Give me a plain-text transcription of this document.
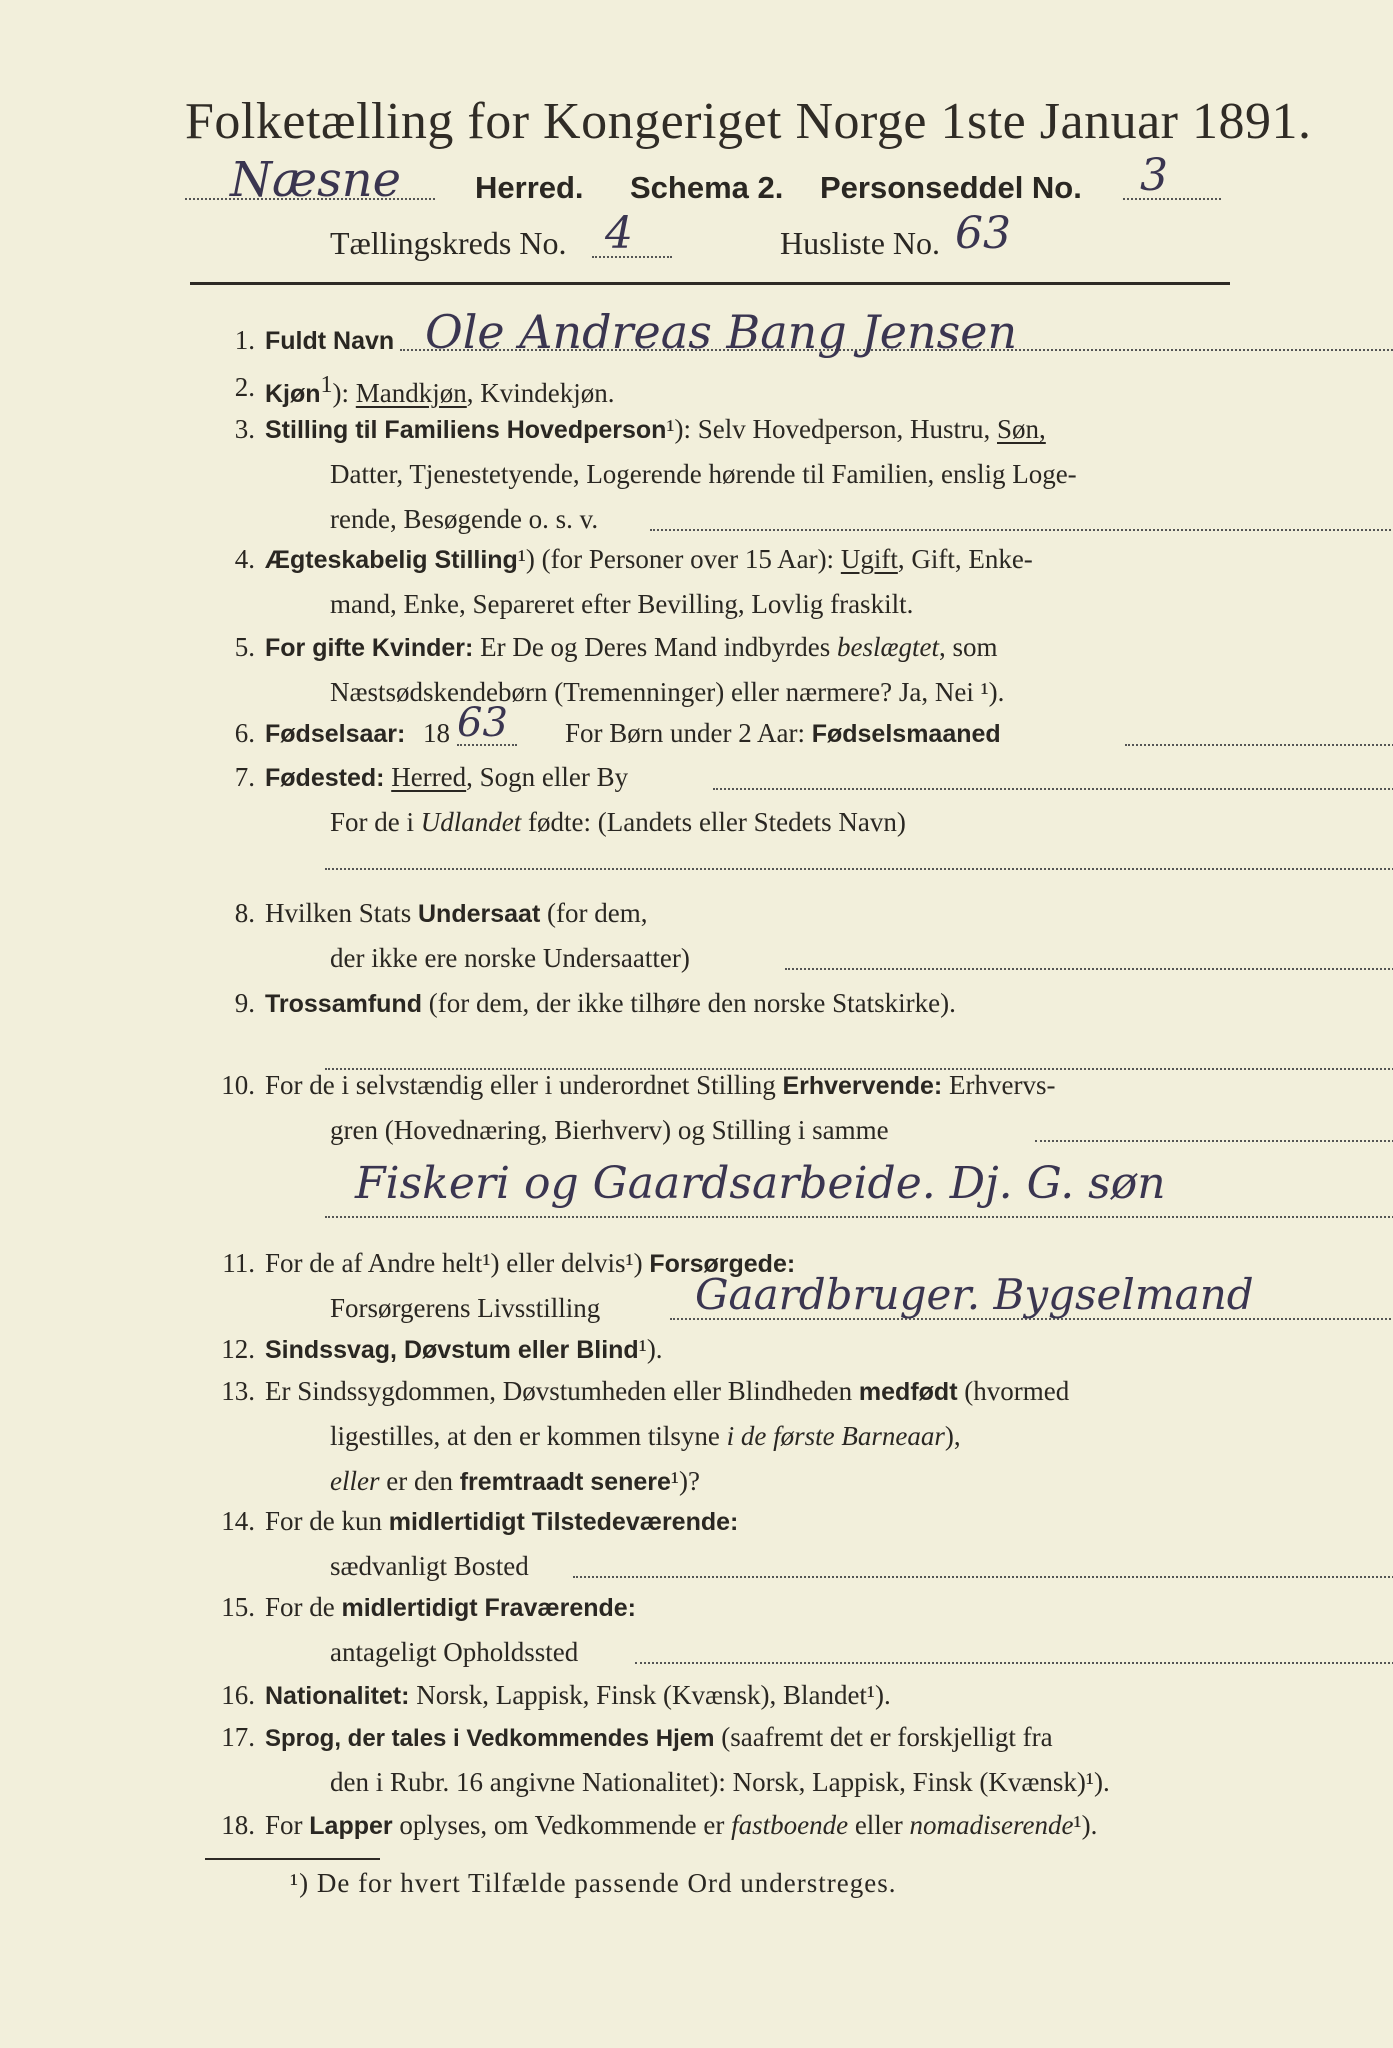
Folketælling for Kongeriget Norge 1ste Januar 1891.
Næsne Herred. Schema 2. Personseddel No. 3
Tællingskreds No. 4	Husliste No. 63
1. Fuldt Navn Ole Andreas Bang Jensen
2. Kjøn$^1$): Mandkjøn, Kvindekjøn.
3. Stilling til Familiens Hovedperson¹): Selv Hovedperson, Hustru, Søn,
Datter, Tjenestetyende, Logerende hørende til Familien, enslig Loge-
rende, Besøgende o. s. v.
4. Ægteskabelig Stilling¹) (for Personer over 15 Aar): Ugift, Gift, Enke-
mand, Enke, Separeret efter Bevilling, Lovlig fraskilt.
5. For gifte Kvinder: Er De og Deres Mand indbyrdes beslægtet, som
Næstsødskendebørn (Tremenninger) eller nærmere? Ja, Nei ¹).
6. Fødselsaar: 18 63 For Børn under 2 Aar: Fødselsmaaned
7. Fødested: Herred, Sogn eller By
For de i Udlandet fødte: (Landets eller Stedets Navn)
8. Hvilken Stats Undersaat (for dem,
der ikke ere norske Undersaatter)
9. Trossamfund (for dem, der ikke tilhøre den norske Statskirke).
10. For de i selvstændig eller i underordnet Stilling Erhvervende: Erhvervs-
gren (Hovednæring, Bierhverv) og Stilling i samme
Fiskeri og Gaardsarbeide. Dj. G. søn
11. For de af Andre helt¹) eller delvis¹) Forsørgede:
Forsørgerens Livsstilling Gaardbruger. Bygselmand
12. Sindssvag, Døvstum eller Blind¹).
13. Er Sindssygdommen, Døvstumheden eller Blindheden medfødt (hvormed
ligestilles, at den er kommen tilsyne i de første Barneaar),
eller er den fremtraadt senere¹)?
14. For de kun midlertidigt Tilstedeværende:
sædvanligt Bosted
15. For de midlertidigt Fraværende:
antageligt Opholdssted
16. Nationalitet: Norsk, Lappisk, Finsk (Kvænsk), Blandet¹).
17. Sprog, der tales i Vedkommendes Hjem (saafremt det er forskjelligt fra
den i Rubr. 16 angivne Nationalitet): Norsk, Lappisk, Finsk (Kvænsk)¹).
18. For Lapper oplyses, om Vedkommende er fastboende eller nomadiserende¹).
¹) De for hvert Tilfælde passende Ord understreges.
